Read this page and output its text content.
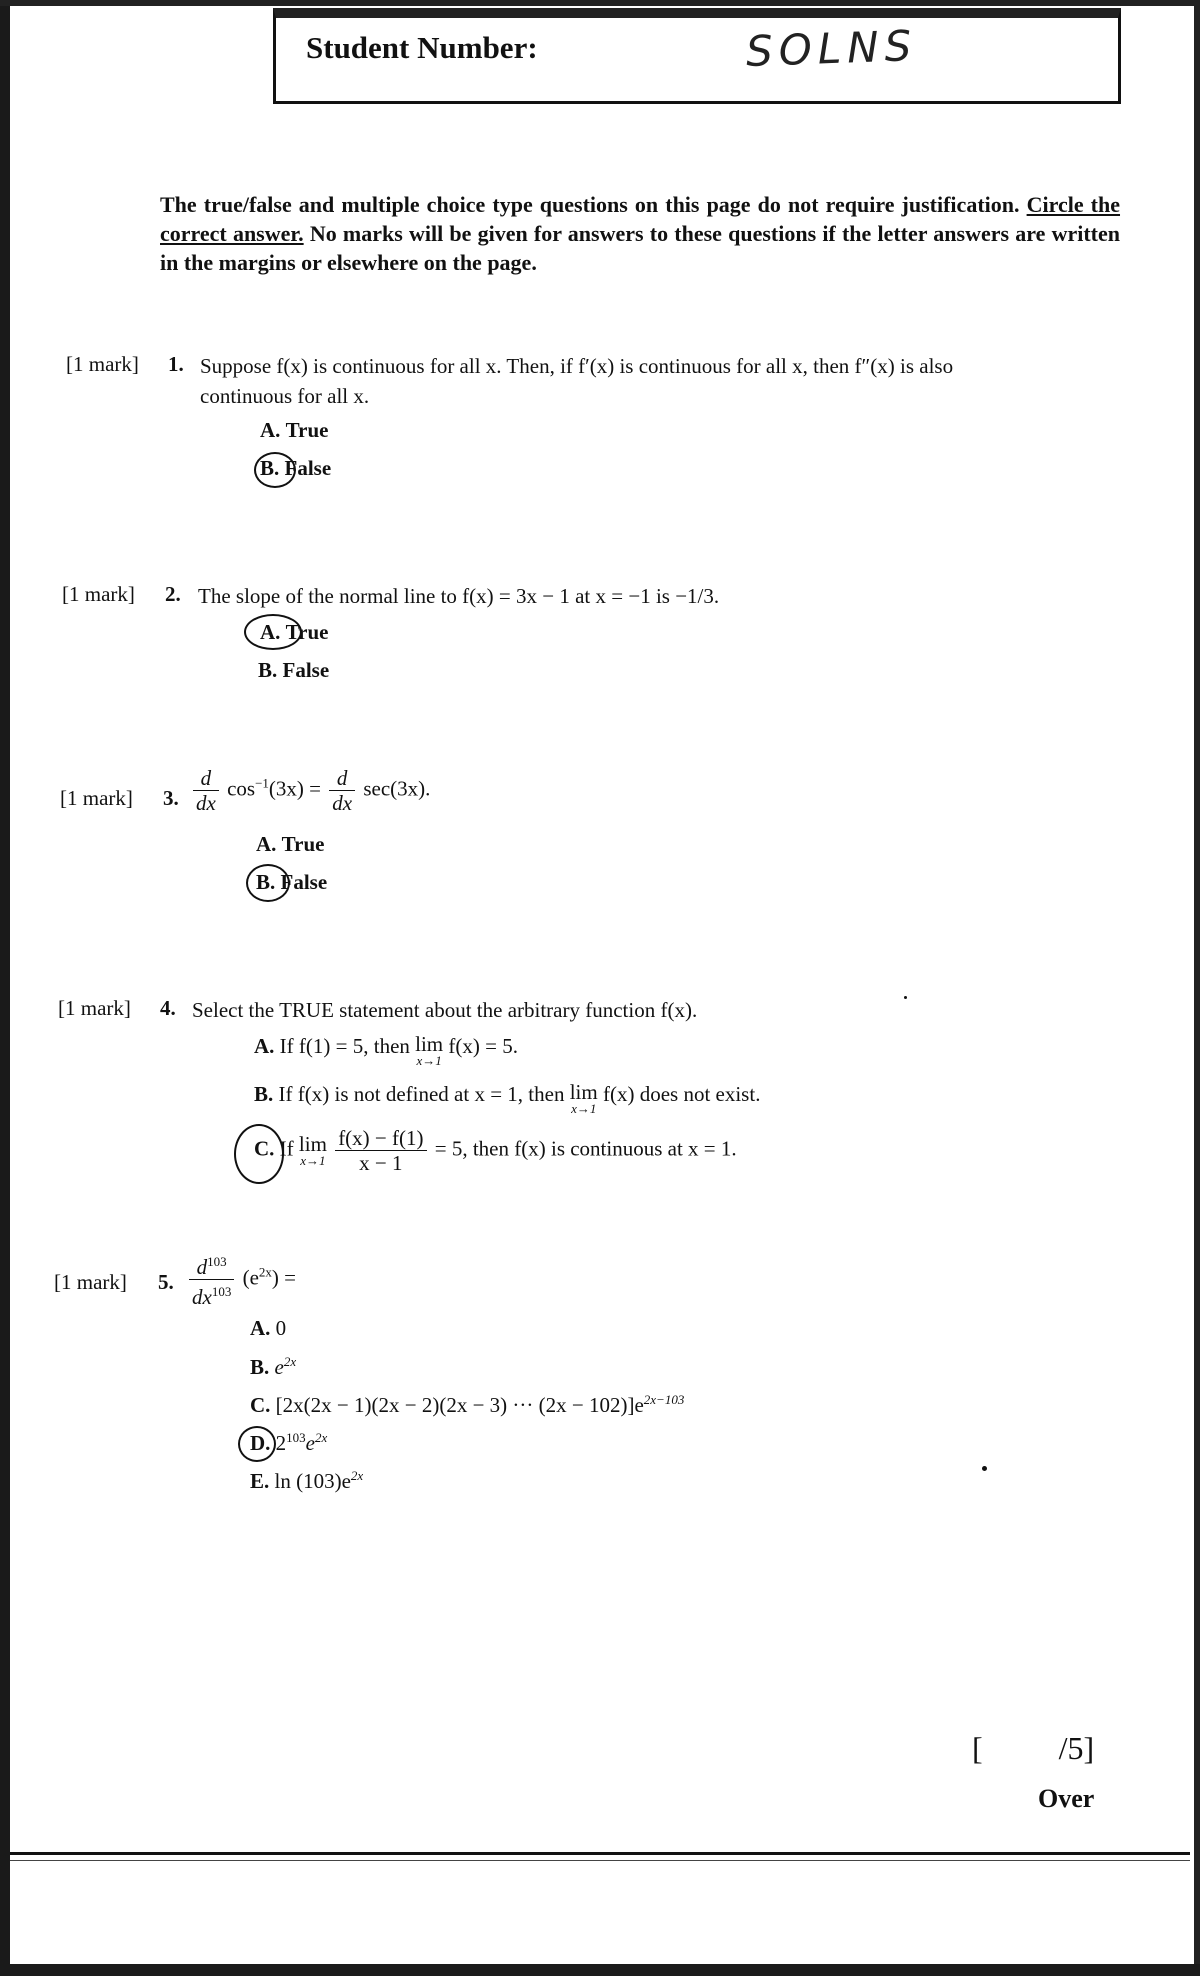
Student Number:	SOLNS
The true/false and multiple choice type questions on this page do not require justification. Circle the correct answer. No marks will be given for answers to these questions if the letter answers are written in the margins or elsewhere on the page.
[1 mark] 1. Suppose f(x) is continuous for all x. Then, if f′(x) is continuous for all x, then f″(x) is also
continuous for all x.
A. True
B. False
[1 mark] 2. The slope of the normal line to f(x) = 3x − 1 at x = −1 is −1/3.
A. True
B. False
[1 mark] 3. $\frac{d}{dx} \cos^{-1}(3x) = \frac{d}{dx} \sec(3x)$.
A. True
B. False
[1 mark] 4. Select the TRUE statement about the arbitrary function f(x).
A. If f(1) = 5, then lim
x→1
f(x) = 5.
B. If f(x) is not defined at x = 1, then lim
x→1
f(x) does not exist.
C. If lim
x→1
$\frac{f(x) - f(1)}{x - 1} = 5$, then f(x) is continuous at x = 1.
[1 mark] 5. $\frac{d^{103}}{dx^{103}} (e^{2x})$ =
A. 0
B. $e^{2x}$
C. [2x(2x − 1)(2x − 2)(2x − 3) ··· $(2x - 102)]e^{2x-103}$
D. $2^{103}e^{2x}$
E. $\ln (103)e^{2x}$
[ /5]
Over
